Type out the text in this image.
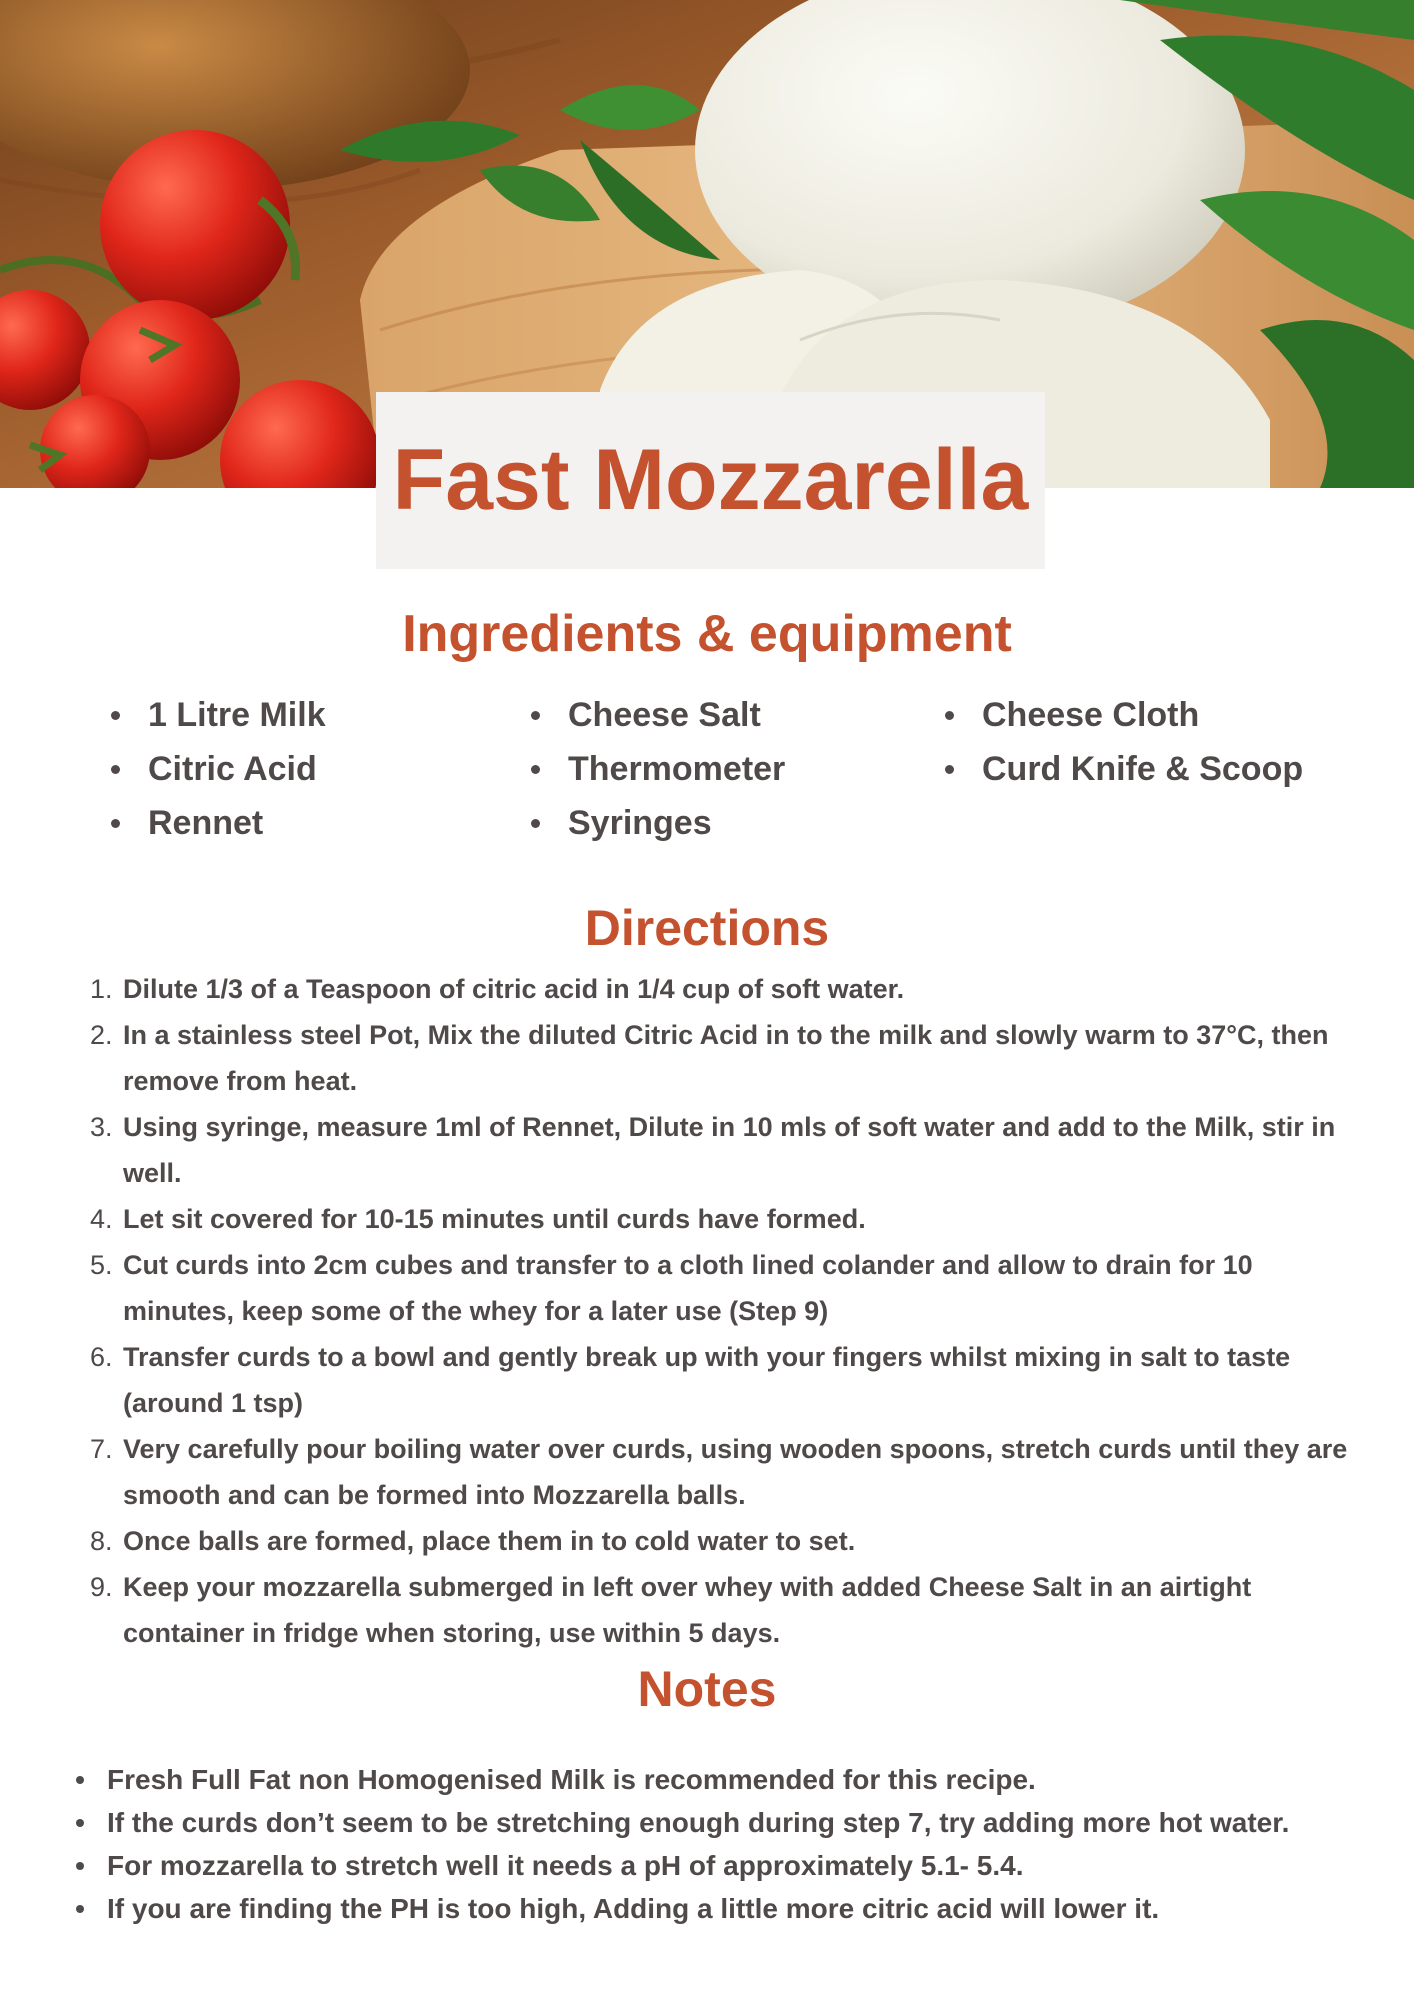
Fast Mozzarella
Ingredients & equipment
1 Litre Milk
Citric Acid
Rennet
Cheese Salt
Thermometer
Syringes
Cheese Cloth
Curd Knife & Scoop
Directions
1. Dilute 1/3 of a Teaspoon of citric acid in 1/4 cup of soft water.
2. In a stainless steel Pot, Mix the diluted Citric Acid in to the milk and slowly warm to 37°C, then remove from heat.
3. Using syringe, measure 1ml of Rennet, Dilute in 10 mls of soft water and add to the Milk, stir in well.
4. Let sit covered for 10-15 minutes until curds have formed.
5. Cut curds into 2cm cubes and transfer to a cloth lined colander and allow to drain for 10 minutes, keep some of the whey for a later use (Step 9)
6. Transfer curds to a bowl and gently break up with your fingers whilst mixing in salt to taste (around 1 tsp)
7. Very carefully pour boiling water over curds, using wooden spoons, stretch curds until they are smooth and can be formed into Mozzarella balls.
8. Once balls are formed, place them in to cold water to set.
9. Keep your mozzarella submerged in left over whey with added Cheese Salt in an airtight container in fridge when storing, use within 5 days.
Notes
Fresh Full Fat non Homogenised Milk is recommended for this recipe.
If the curds don’t seem to be stretching enough during step 7, try adding more hot water.
For mozzarella to stretch well it needs a pH of approximately 5.1- 5.4.
If you are finding the PH is too high, Adding a little more citric acid will lower it.
